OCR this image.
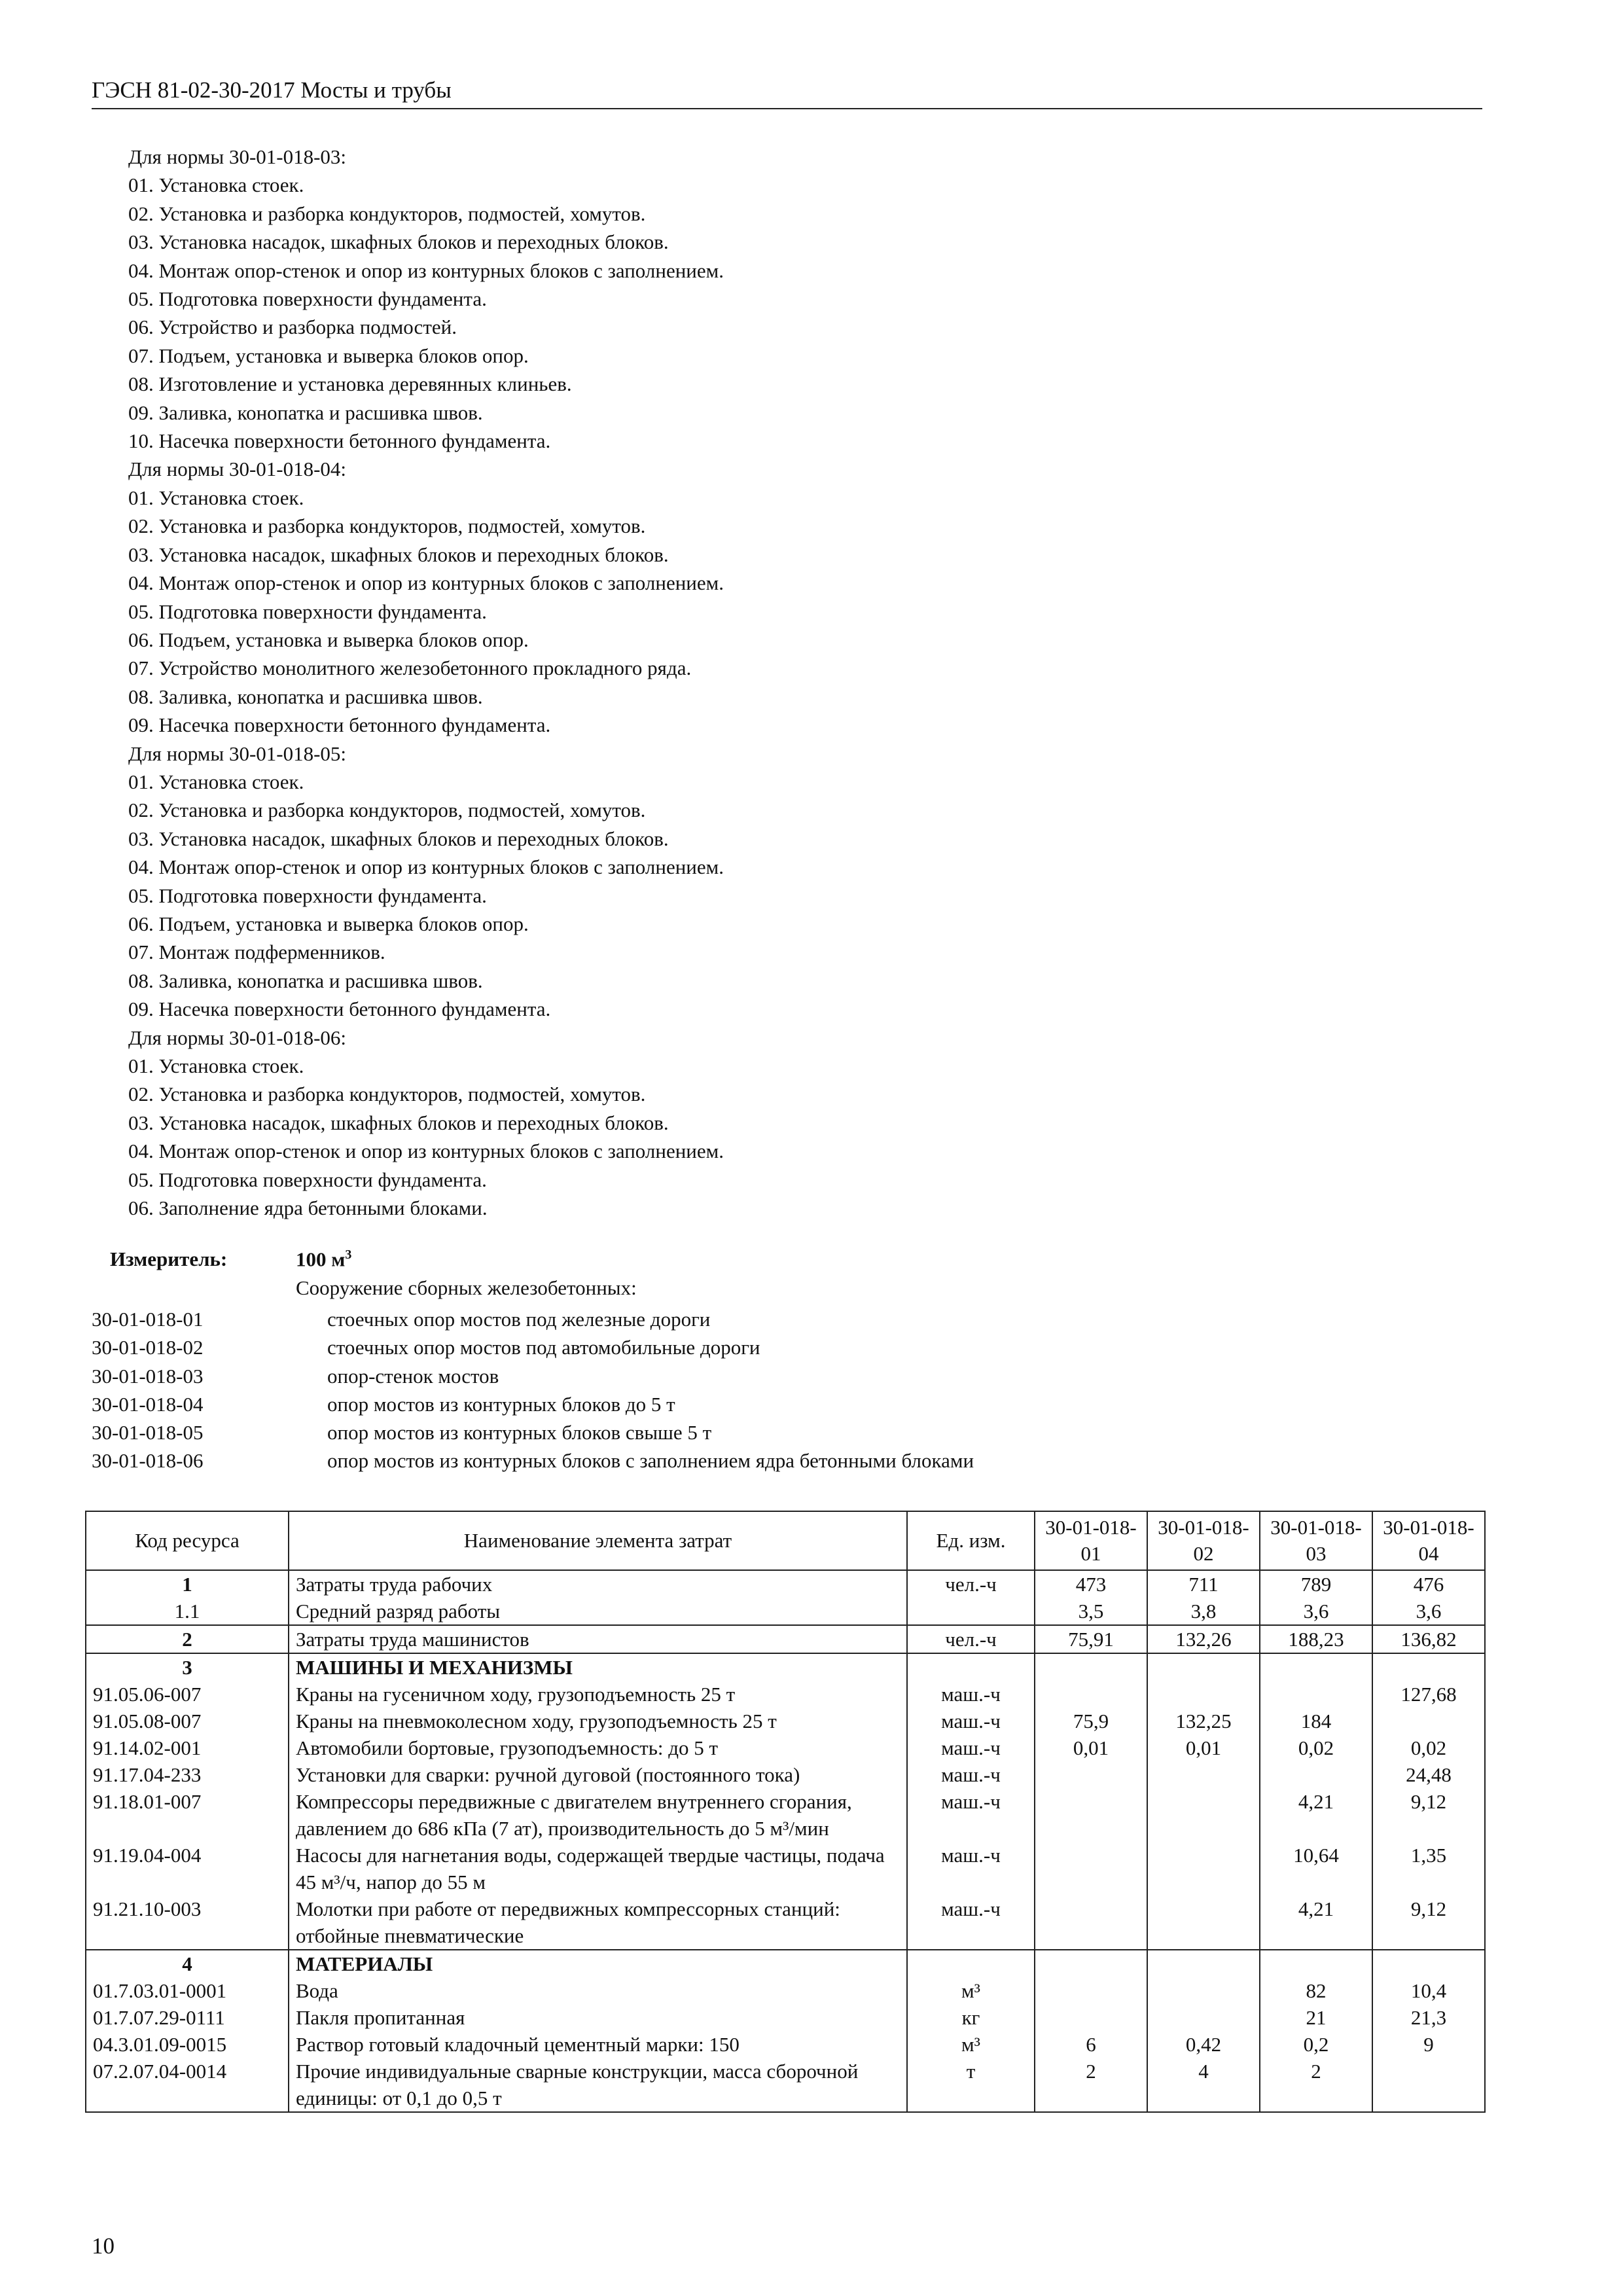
ГЭСН 81-02-30-2017 Мосты и трубы
Для нормы 30-01-018-03:
01. Установка стоек.
02. Установка и разборка кондукторов, подмостей, хомутов.
03. Установка насадок, шкафных блоков и переходных блоков.
04. Монтаж опор-стенок и опор из контурных блоков с заполнением.
05. Подготовка поверхности фундамента.
06. Устройство и разборка подмостей.
07. Подъем, установка и выверка блоков опор.
08. Изготовление и установка деревянных клиньев.
09. Заливка, конопатка и расшивка швов.
10. Насечка поверхности бетонного фундамента.
Для нормы 30-01-018-04:
01. Установка стоек.
02. Установка и разборка кондукторов, подмостей, хомутов.
03. Установка насадок, шкафных блоков и переходных блоков.
04. Монтаж опор-стенок и опор из контурных блоков с заполнением.
05. Подготовка поверхности фундамента.
06. Подъем, установка и выверка блоков опор.
07. Устройство монолитного железобетонного прокладного ряда.
08. Заливка, конопатка и расшивка швов.
09. Насечка поверхности бетонного фундамента.
Для нормы 30-01-018-05:
01. Установка стоек.
02. Установка и разборка кондукторов, подмостей, хомутов.
03. Установка насадок, шкафных блоков и переходных блоков.
04. Монтаж опор-стенок и опор из контурных блоков с заполнением.
05. Подготовка поверхности фундамента.
06. Подъем, установка и выверка блоков опор.
07. Монтаж подферменников.
08. Заливка, конопатка и расшивка швов.
09. Насечка поверхности бетонного фундамента.
Для нормы 30-01-018-06:
01. Установка стоек.
02. Установка и разборка кондукторов, подмостей, хомутов.
03. Установка насадок, шкафных блоков и переходных блоков.
04. Монтаж опор-стенок и опор из контурных блоков с заполнением.
05. Подготовка поверхности фундамента.
06. Заполнение ядра бетонными блоками.
Измеритель:	100 $м^3$
Сооружение сборных железобетонных:
30-01-018-01	стоечных опор мостов под железные дороги
30-01-018-02	стоечных опор мостов под автомобильные дороги
30-01-018-03	опор-стенок мостов
30-01-018-04	опор мостов из контурных блоков до 5 т
30-01-018-05	опор мостов из контурных блоков свыше 5 т
30-01-018-06	опор мостов из контурных блоков с заполнением ядра бетонными блоками
Код ресурса	Наименование элемента затрат	Ед. изм.	30-01-018-01	30-01-018-02	30-01-018-03	30-01-018-04
1	Затраты труда рабочих	чел.-ч	473	711	789	476
1.1	Средний разряд работы		3,5	3,8	3,6	3,6
2	Затраты труда машинистов	чел.-ч	75,91	132,26	188,23	136,82
3	МАШИНЫ И МЕХАНИЗМЫ					
91.05.06-007	Краны на гусеничном ходу, грузоподъемность 25 т	маш.-ч				127,68
91.05.08-007	Краны на пневмоколесном ходу, грузоподъемность 25 т	маш.-ч	75,9	132,25	184	
91.14.02-001	Автомобили бортовые, грузоподъемность: до 5 т	маш.-ч	0,01	0,01	0,02	0,02
91.17.04-233	Установки для сварки: ручной дуговой (постоянного тока)	маш.-ч				24,48
91.18.01-007	Компрессоры передвижные с двигателем внутреннего сгорания, давлением до 686 кПа (7 ат), производительность до 5 м³/мин	маш.-ч			4,21	9,12
91.19.04-004	Насосы для нагнетания воды, содержащей твердые частицы, подача 45 м³/ч, напор до 55 м	маш.-ч			10,64	1,35
91.21.10-003	Молотки при работе от передвижных компрессорных станций: отбойные пневматические	маш.-ч			4,21	9,12
4	МАТЕРИАЛЫ					
01.7.03.01-0001	Вода	м³			82	10,4
01.7.07.29-0111	Пакля пропитанная	кг			21	21,3
04.3.01.09-0015	Раствор готовый кладочный цементный марки: 150	м³	6	0,42	0,2	9
07.2.07.04-0014	Прочие индивидуальные сварные конструкции, масса сборочной единицы: от 0,1 до 0,5 т	т	2	4	2	
10
